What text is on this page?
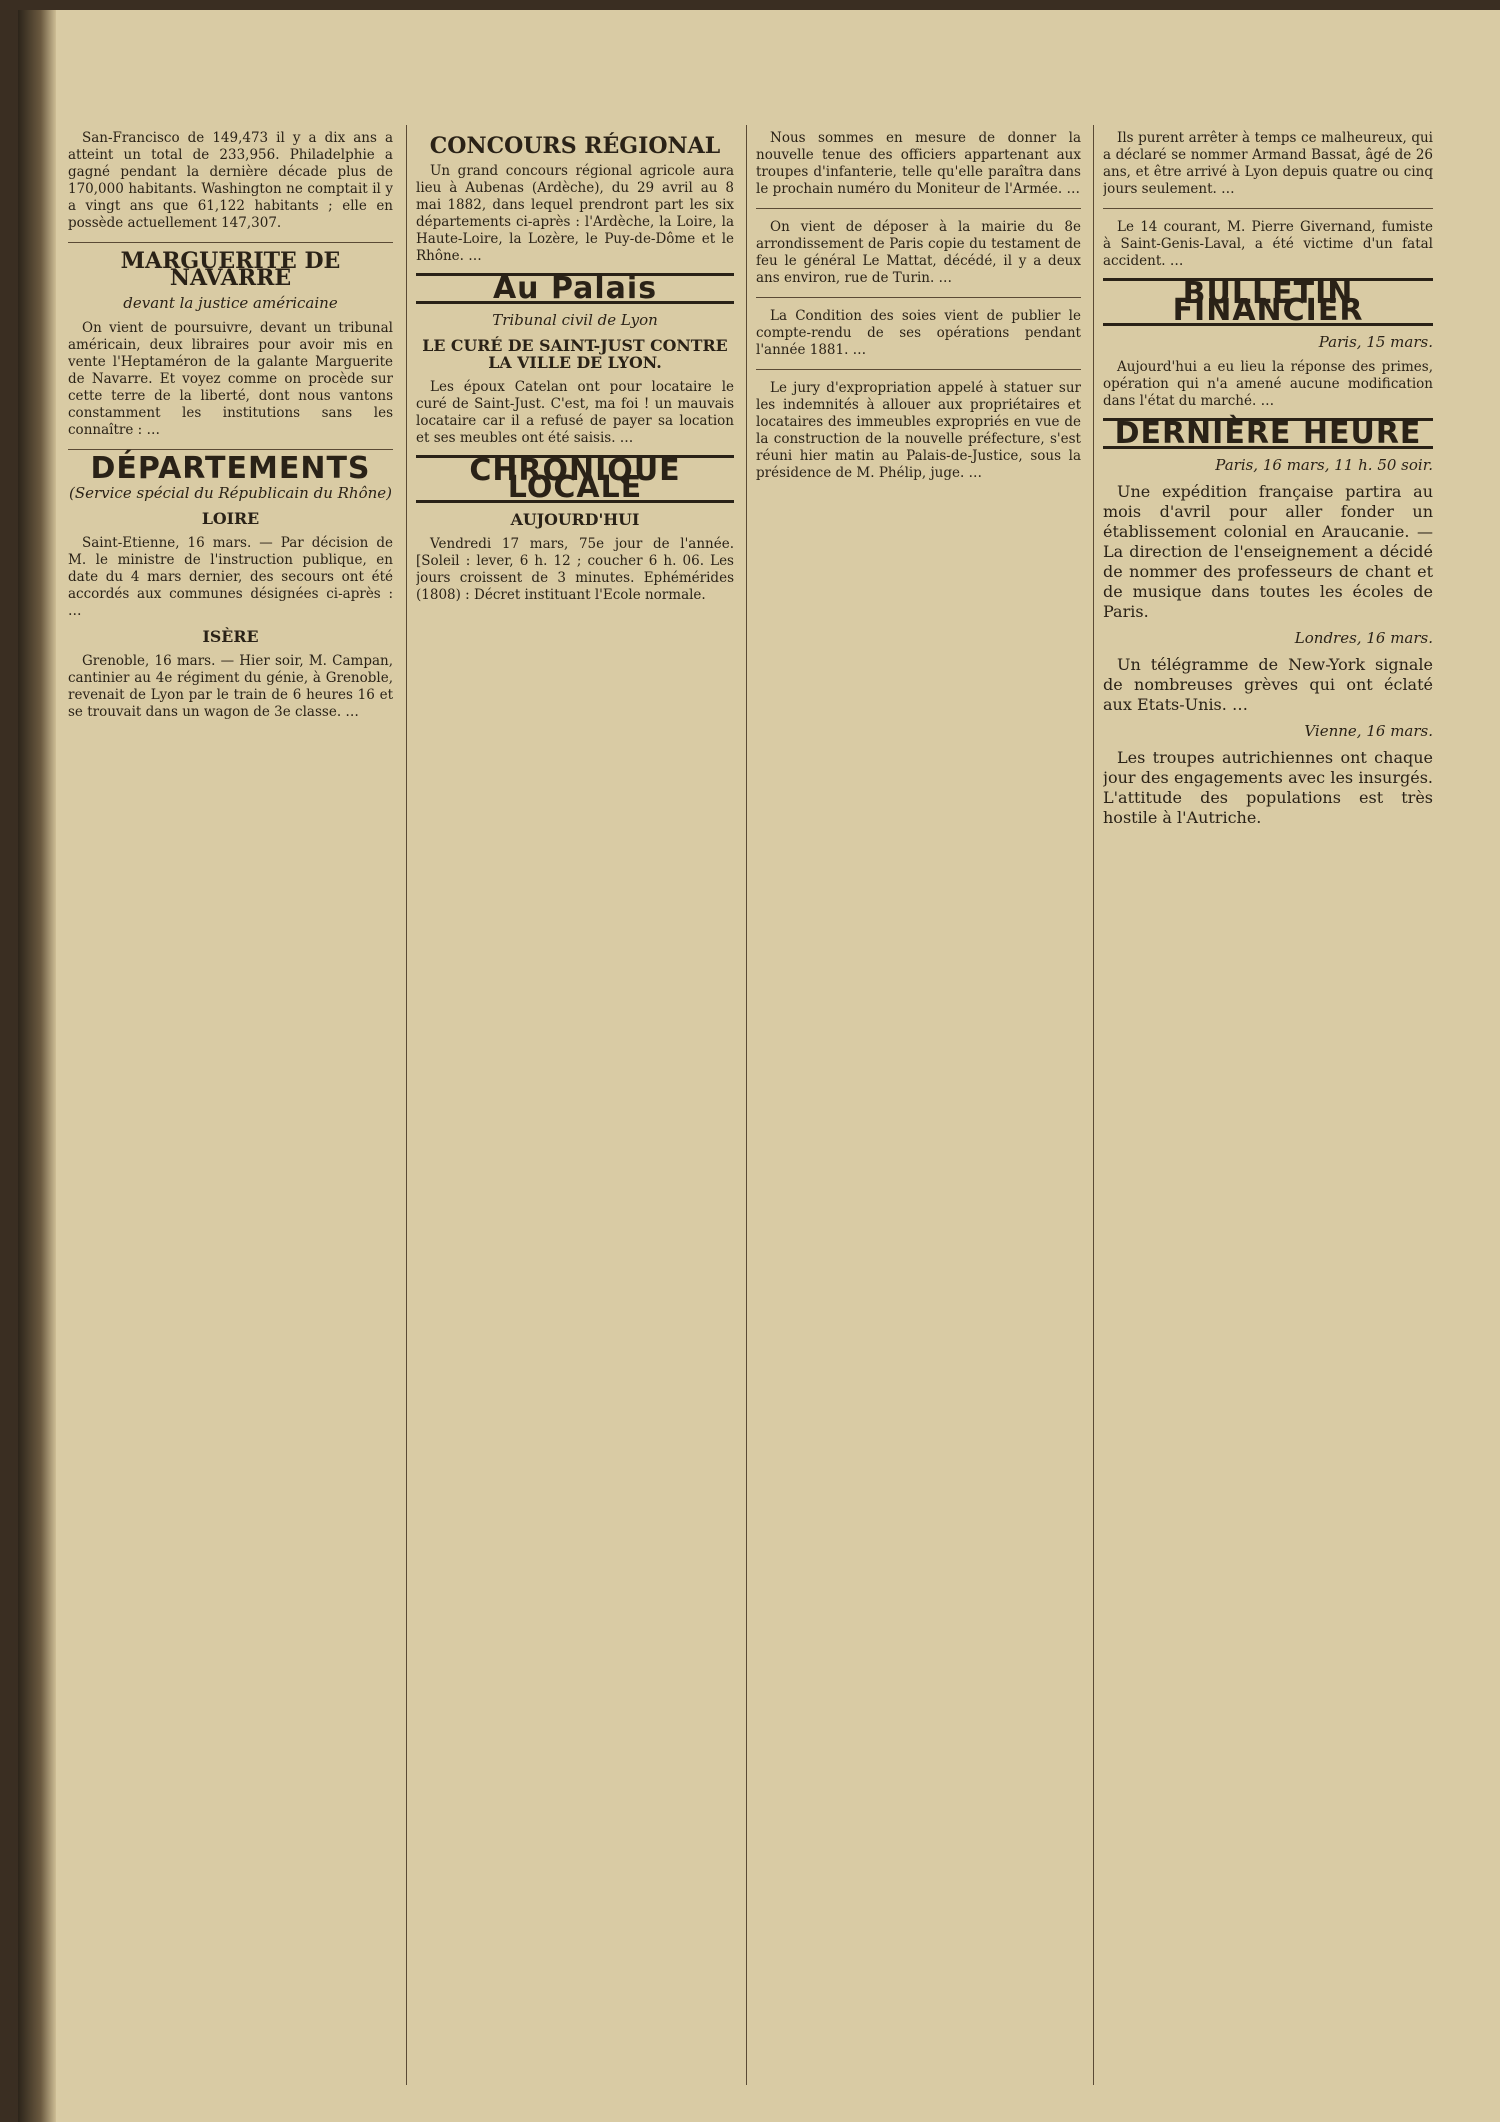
San-Francisco de 149,473 il y a dix ans a atteint un total de 233,956. Philadelphie a gagné pendant la dernière décade plus de 170,000 habitants. Washington ne comptait il y a vingt ans que 61,122 habitants ; elle en possède actuellement 147,307.

MARGUERITE DE NAVARRE
devant la justice américaine

On vient de poursuivre, devant un tribunal américain, deux libraires pour avoir mis en vente l'Heptaméron de la galante Marguerite de Navarre. Et voyez comme on procède sur cette terre de la liberté, dont nous vantons constamment les institutions sans les connaître : …

DÉPARTEMENTS
(Service spécial du Républicain du Rhône)
LOIRE

Saint-Etienne, 16 mars. — Par décision de M. le ministre de l'instruction publique, en date du 4 mars dernier, des secours ont été accordés aux communes désignées ci-après : …

ISÈRE

Grenoble, 16 mars. — Hier soir, M. Campan, cantinier au 4e régiment du génie, à Grenoble, revenait de Lyon par le train de 6 heures 16 et se trouvait dans un wagon de 3e classe. …

CONCOURS RÉGIONAL

Un grand concours régional agricole aura lieu à Aubenas (Ardèche), du 29 avril au 8 mai 1882, dans lequel prendront part les six départements ci-après : l'Ardèche, la Loire, la Haute-Loire, la Lozère, le Puy-de-Dôme et le Rhône. …

Au Palais
Tribunal civil de Lyon
LE CURÉ DE SAINT-JUST CONTRE LA VILLE DE LYON.

Les époux Catelan ont pour locataire le curé de Saint-Just. C'est, ma foi ! un mauvais locataire car il a refusé de payer sa location et ses meubles ont été saisis. …

CHRONIQUE LOCALE
AUJOURD'HUI

Vendredi 17 mars, 75e jour de l'année. [Soleil : lever, 6 h. 12 ; coucher 6 h. 06. Les jours croissent de 3 minutes. Ephémérides (1808) : Décret instituant l'Ecole normale.

Nous sommes en mesure de donner la nouvelle tenue des officiers appartenant aux troupes d'infanterie, telle qu'elle paraîtra dans le prochain numéro du Moniteur de l'Armée. …

On vient de déposer à la mairie du 8e arrondissement de Paris copie du testament de feu le général Le Mattat, décédé, il y a deux ans environ, rue de Turin. …

La Condition des soies vient de publier le compte-rendu de ses opérations pendant l'année 1881. …

Le jury d'expropriation appelé à statuer sur les indemnités à allouer aux propriétaires et locataires des immeubles expropriés en vue de la construction de la nouvelle préfecture, s'est réuni hier matin au Palais-de-Justice, sous la présidence de M. Phélip, juge. …

Ils purent arrêter à temps ce malheureux, qui a déclaré se nommer Armand Bassat, âgé de 26 ans, et être arrivé à Lyon depuis quatre ou cinq jours seulement. …

Le 14 courant, M. Pierre Givernand, fumiste à Saint-Genis-Laval, a été victime d'un fatal accident. …

BULLETIN FINANCIER
Paris, 15 mars.

Aujourd'hui a eu lieu la réponse des primes, opération qui n'a amené aucune modification dans l'état du marché. …

DERNIÈRE HEURE
Paris, 16 mars, 11 h. 50 soir.

Une expédition française partira au mois d'avril pour aller fonder un établissement colonial en Araucanie. — La direction de l'enseignement a décidé de nommer des professeurs de chant et de musique dans toutes les écoles de Paris.

Londres, 16 mars.

Un télégramme de New-York signale de nombreuses grèves qui ont éclaté aux Etats-Unis. …

Vienne, 16 mars.

Les troupes autrichiennes ont chaque jour des engagements avec les insurgés. L'attitude des populations est très hostile à l'Autriche.
